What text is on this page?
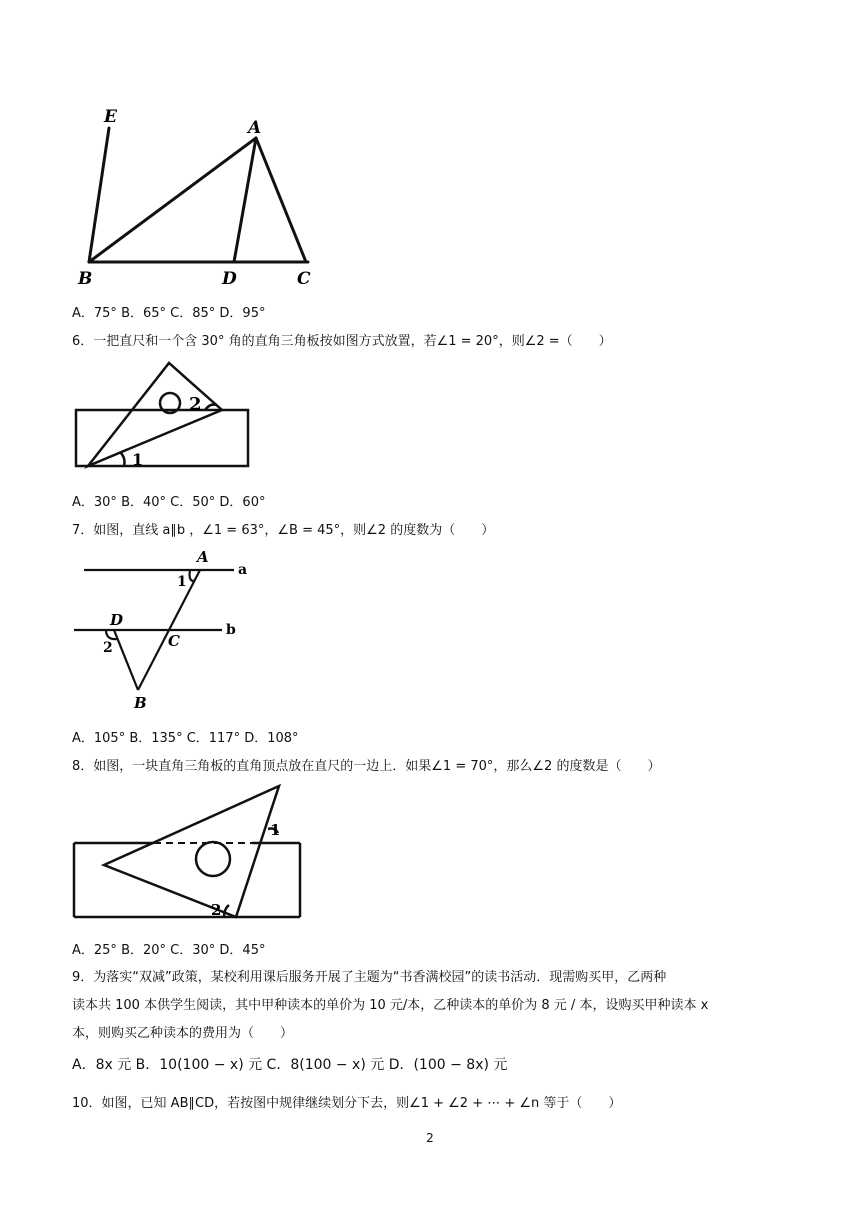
E
A
B	D	C
A．75° B．65° C．85° D．95°
6．一把直尺和一个含 30° 角的直角三角板按如图方式放置，若∠1 = 20°，则∠2 =（　　）
1
2
A．30° B．40° C．50° D．60°
7．如图，直线 a∥b ，∠1 = 63°，∠B = 45°，则∠2 的度数为（　　）
A
a
1
D
b
C
2
B
A．105° B．135° C．117° D．108°
8．如图，一块直角三角板的直角顶点放在直尺的一边上．如果∠1 = 70°，那么∠2 的度数是（　　）
1
2
A．25° B．20° C．30° D．45°
9．为落实“双减”政策，某校利用课后服务开展了主题为“书香满校园”的读书活动．现需购买甲，乙两种
读本共 100 本供学生阅读，其中甲种读本的单价为 10 元/本，乙种读本的单价为 8 元 / 本，设购买甲种读本 x
本，则购买乙种读本的费用为（　　）
A．8x 元 B．10(100 − x) 元 C．8(100 − x) 元 D．(100 − 8x) 元
10．如图，已知 AB∥CD，若按图中规律继续划分下去，则∠1 + ∠2 + ⋯ + ∠n 等于（　　）
2
